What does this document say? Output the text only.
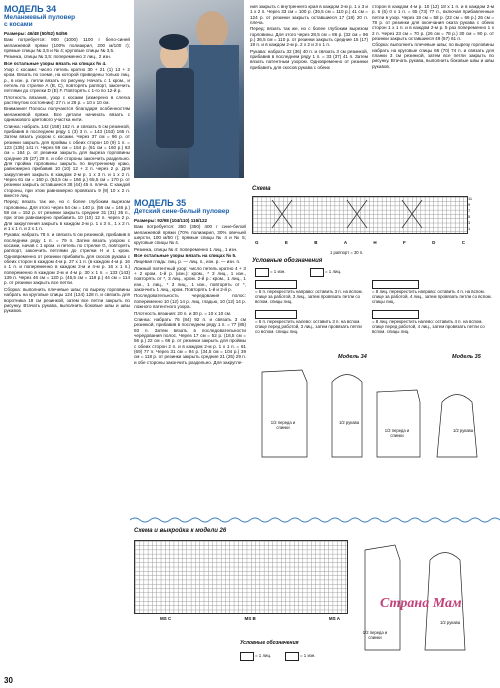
МОДЕЛЬ 34
Меланжевый пуловер
с косами

Размеры: 46/48 (50/52) 54/56

Вам потребуется: 900 (1000) 1100 г бело-синей меланжевой пряжи (100% полиакрил, 200 м/100 г); прямые спицы № 3,5 и № 4; круговые спицы № 3,5.

Резинка, спицы № 3,5: попеременно 2 лиц., 2 изн.

Все остальные узоры вязать на спицах № 4.

Узор с косами: число петель кратно 30 + 21 (1) 13 + 2 кром. Вязать по схеме, на которой приведены только лиц. р., в изн. р. петли вязать по рисунку. Начать с 1 кром., и петель по стрелке А (В, С), повторять раппорт, закончить петлями до стрелки D (E) F. Повторять с 1-го по 12-й р.

Плотность вязания, узор с косами (измерено в слегка растянутом состоянии): 27 п. и 26 р. = 10 х 10 см.

Внимание! Полосы получаются благодаря особенностям меланжевой пряжи. Все детали начинать вязать с одинакового цветового участка нити.

Спинка: набрать 142 (158) 162 п. и связать 5 см резинкой, прибавив в последнем ряду 1 (3) 3 п. = 143 (153) 165 п. Затем вязать узором с косами. Через 37 см = 96 р. от резинки закрыть для проймы с обеих сторон 10 (9) 1 п. = 123 (135) 141 п. Через 59 см = 154 р. (61 см = 160 р.) 63 см = 164 р. от резинки закрыть для выреза горловины средние 25 (27) 29 п. и обе стороны закончить раздельно. Для пройма горловины закрыть по внутреннему краю, равномерно прибавив 10 (10) 12 + 2 п. через 2 р. Для закругления закрыть в каждом 2-м р. 1 х 3 п. и 1 х 2 п. Через 61 см = 160 р. (63,5 см = 166 р.) 65,5 см = 170 р. от резинки закрыть оставшиеся 38 (44) 45 п. плеча. С каждой стороны, при этом равномерно провязать 9 (9) 10 х 2 п. вместе лиц.

Перед: вязать так же, но с более глубоким вырезом горловины. Для этого через 54 см = 140 р. (56 см = 146 р.) 58 см = 152 р. от резинки закрыть средние 31 (31) 35 п., при этом равномерно прибавить 10 (10) 12 п. через 2 р. Для закругления закрыть в каждом 2-м р. 1 х 3 п., 1 х 2 п. и 1 х 1 п. и 2 х 1 п.

Рукава: набрать 78 п. и связать 5 см резинкой, прибавив в последнем ряду 1 п. = 79 п. Затем вязать узором с косами, начав с 1 кром. и петель по стрелке G, повторять раппорт, закончить петлями до стрелки H и 1 кром. Одновременно от резинки прибавить для скосов рукава с обеих сторон в каждом 4-м р. 27 х 1 п. (в каждом 4-м р. 16 х 1 п. и попеременно в каждом 2-м и 4-м р. 16 х 1 п.) попеременно в каждом 2-м и 4-м р. 30 х 1 п. = 133 (143) 139 п. Через 46 см = 120 р. (45,5 см = 118 р.) 44 см = 114 р. от резинки закрыть все петли.

Сборка: выполнить плечевые швы; по вырезу горловины набрать на круговые спицы 124 (124) 128 п. и связать для воротника 18 см резинкой, затем все петли закрыть по рисунку. Втачать рукава, выполнить боковые швы и швы рукавов.

ния закрыть с внутреннего края в каждом 2-м р. 1 х 3 и 1 х 2 п. Через 33 см = 100 р. (36,5 см = 110 р.) 41 см = 124 р. от резинки закрыть оставшиеся 17 (18) 20 п. плеча.

Перед: вязать так же, но с более глубоким вырезом горловины. Для этого через 28,5 см = 86 р. (32 см = 96 р.) 36,5 см = 110 р. от резинки закрыть средние 15 (17) 19 п. и в каждом 2-м р. 2 х 2 и 3 х 1 п.

Рукава: набрать 32 (36) 40 п. и связать 3 см резинкой, прибавив в последнем ряду 1 п. = 33 (37) 41 п. Затем вязать патентным узором. Одновременно от резинки прибавить для скосов рукава с обеих

сторон в каждом 4-м р. 10 (12) 18 х 1 п. и в каждом 2-м р. 6 (6) 0 х 1 п. = 65 (73) 77 п., включая прибавленные петли в узор. Через 19 см = 58 р. (22 см = 66 р.) 26 см = 78 р. от резинки для окончания оката рукава с обеих сторон 1 х 1 п. и в каждом 2-м р. 5 раз попеременно 1 х 2 п. Через 23 см = 70 р. (26 см = 78 р.) 30 см = 90 р. от резинки закрыть оставшиеся 49 (57) 61 п.

Сборка: выполнить плечевые швы; по вырезу горловины набрать на круговые спицы 66 (70) 74 п. и связать для планки 3 см резинкой, затем все петли закрыть по рисунку. Втачать рукава, выполнить боковые швы и швы рукавов.

МОДЕЛЬ 35
Детский сине-белый пуловер

Размеры: 92/98 (104/110) 116/122

Вам потребуется: 350 (350) 400 г сине-белой меланжевой пряжи (70% полиакрил, 30% овечьей шерсти, 100 м/50 г); прямые спицы № 4 и № 5; круговые спицы № 4.

Резинка, спицы № 4: попеременно 1 лиц., 1 изн.

Все остальные узоры вязать на спицах № 5.

Лицевая гладь: лиц. р. — лиц. п., изн. р. — изн. п.

Ложный патентный узор: число петель кратно 4 + 3 + 2 кром. 1-й р. (изн.): кром., * 3 лиц., 1 изн., повторять от *, 3 лиц., кром. 2-й р.: кром., 1 лиц., 1 изн., 1 лиц., * 3 лиц., 1 изн., повторять от *, закончить 1 лиц., кром. Повторять 1-й и 2-й р.

Последовательность чередования полос: попеременно 10 (12) 14 р. лиц. гладью, 10 (12) 14 р. ложного патентного узора.

Плотность вязания: 20 п. и 30 р. = 10 х 10 см.

Спинка: набрать 76 (84) 92 п. и связать 3 см резинкой, прибавив в последнем ряду 1 п. = 77 (85) 93 п. Затем вязать в последовательности чередования полос. Через 17 см = 52 р. (18,5 см = 56 р.) 22 см = 66 р. от резинки закрыть для проймы с обеих сторон 2 п. и в каждом 2-м р. 1 х 1 п. = 61 (69) 77 п. Через 31 см = 94 р. (34,5 см = 104 р.) 39 см = 118 р. от резинки закрыть средние 21 (25) 29 п. и обе стороны закончить раздельно. Для закругле-

Схема
11
9
7
5
3
1
G	E	B	A	H	F	D	C
1 раппорт = 30 п.
Условные обозначения
= 1 изн.	= 1 лиц.
= 6 п. перекрестить направо: оставить 3 п. на вспом. спице за работой, 3 лиц., затем провязать петли со вспом. спицы лиц.
= 8 лиц. перекрестить направо: оставить 4 п. на вспом. спице за работой, 4 лиц., затем провязать петли со вспом. спицы лиц.
= 6 п. перекрестить налево: оставить 3 п. на вспом. спице перед работой, 3 лиц., затем провязать петли со вспом. спицы лиц.
= 8 лиц. перекрестить налево: оставить 4 п. на вспом. спице перед работой, 4 лиц., затем провязать петли со вспом. спицы лиц.
Модель 34	Модель 35
1/2 переда и спинки
1/2 рукава
1/2 переда и спинки
1/2 рукава
Схема и выкройка к модели 26
MS C	MS B	MS A
1/2 переда и спинки
1/2 рукава
Условные обозначения
= 1 лиц.	= 1 изн.
30
Страна Мам
